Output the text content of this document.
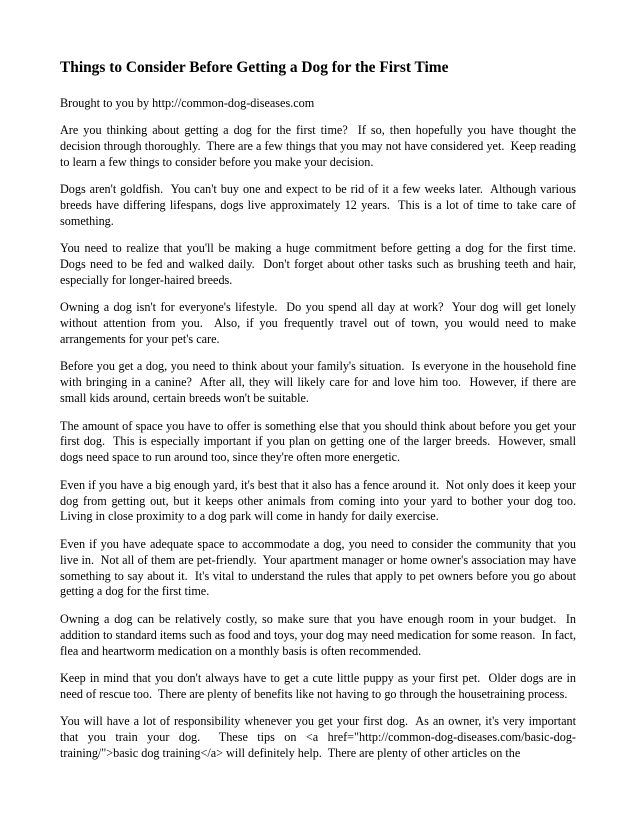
Things to Consider Before Getting a Dog for the First Time
Brought to you by http://common-dog-diseases.com

Are you thinking about getting a dog for the first time?  If so, then hopefully you have thought the decision through thoroughly.  There are a few things that you may not have considered yet.  Keep reading to learn a few things to consider before you make your decision.

Dogs aren't goldfish.  You can't buy one and expect to be rid of it a few weeks later.  Although various breeds have differing lifespans, dogs live approximately 12 years.  This is a lot of time to take care of something.

You need to realize that you'll be making a huge commitment before getting a dog for the first time.  Dogs need to be fed and walked daily.  Don't forget about other tasks such as brushing teeth and hair, especially for longer-haired breeds.

Owning a dog isn't for everyone's lifestyle.  Do you spend all day at work?  Your dog will get lonely without attention from you.  Also, if you frequently travel out of town, you would need to make arrangements for your pet's care.

Before you get a dog, you need to think about your family's situation.  Is everyone in the household fine with bringing in a canine?  After all, they will likely care for and love him too.  However, if there are small kids around, certain breeds won't be suitable.

The amount of space you have to offer is something else that you should think about before you get your first dog.  This is especially important if you plan on getting one of the larger breeds.  However, small dogs need space to run around too, since they're often more energetic.

Even if you have a big enough yard, it's best that it also has a fence around it.  Not only does it keep your dog from getting out, but it keeps other animals from coming into your yard to bother your dog too.  Living in close proximity to a dog park will come in handy for daily exercise.

Even if you have adequate space to accommodate a dog, you need to consider the community that you live in.  Not all of them are pet-friendly.  Your apartment manager or home owner's association may have something to say about it.  It's vital to understand the rules that apply to pet owners before you go about getting a dog for the first time.

Owning a dog can be relatively costly, so make sure that you have enough room in your budget.  In addition to standard items such as food and toys, your dog may need medication for some reason.  In fact, flea and heartworm medication on a monthly basis is often recommended.

Keep in mind that you don't always have to get a cute little puppy as your first pet.  Older dogs are in need of rescue too.  There are plenty of benefits like not having to go through the housetraining process.

You will have a lot of responsibility whenever you get your first dog.  As an owner, it's very important that you train your dog.  These tips on <a href="http://common-dog-diseases.com/basic-dog-training/">basic dog training</a> will definitely help.  There are plenty of other articles on the
